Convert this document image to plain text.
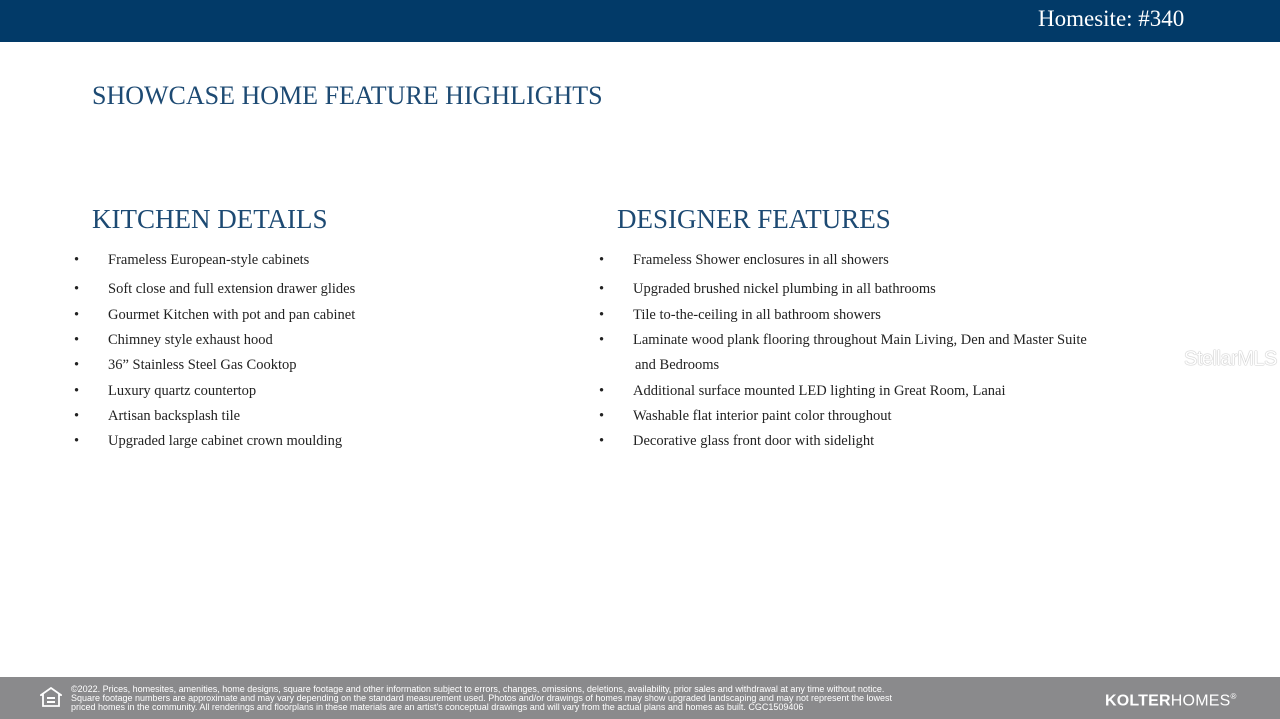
Homesite: #340
SHOWCASE HOME FEATURE HIGHLIGHTS
KITCHEN DETAILS	DESIGNER FEATURES
• Frameless European-style cabinets
• Soft close and full extension drawer glides
• Gourmet Kitchen with pot and pan cabinet
• Chimney style exhaust hood
• 36” Stainless Steel Gas Cooktop
• Luxury quartz countertop
• Artisan backsplash tile
• Upgraded large cabinet crown moulding
• Frameless Shower enclosures in all showers
• Upgraded brushed nickel plumbing in all bathrooms
• Tile to-the-ceiling in all bathroom showers
• Laminate wood plank flooring throughout Main Living, Den and Master Suite
and Bedrooms
• Additional surface mounted LED lighting in Great Room, Lanai
• Washable flat interior paint color throughout
• Decorative glass front door with sidelight
StellarMLS
©2022. Prices, homesites, amenities, home designs, square footage and other information subject to errors, changes, omissions, deletions, availability, prior sales and withdrawal at any time without notice.
Square footage numbers are approximate and may vary depending on the standard measurement used. Photos and/or drawings of homes may show upgraded landscaping and may not represent the lowest
priced homes in the community. All renderings and floorplans in these materials are an artist's conceptual drawings and will vary from the actual plans and homes as built. CGC1509406	KOLTERHOMES®
